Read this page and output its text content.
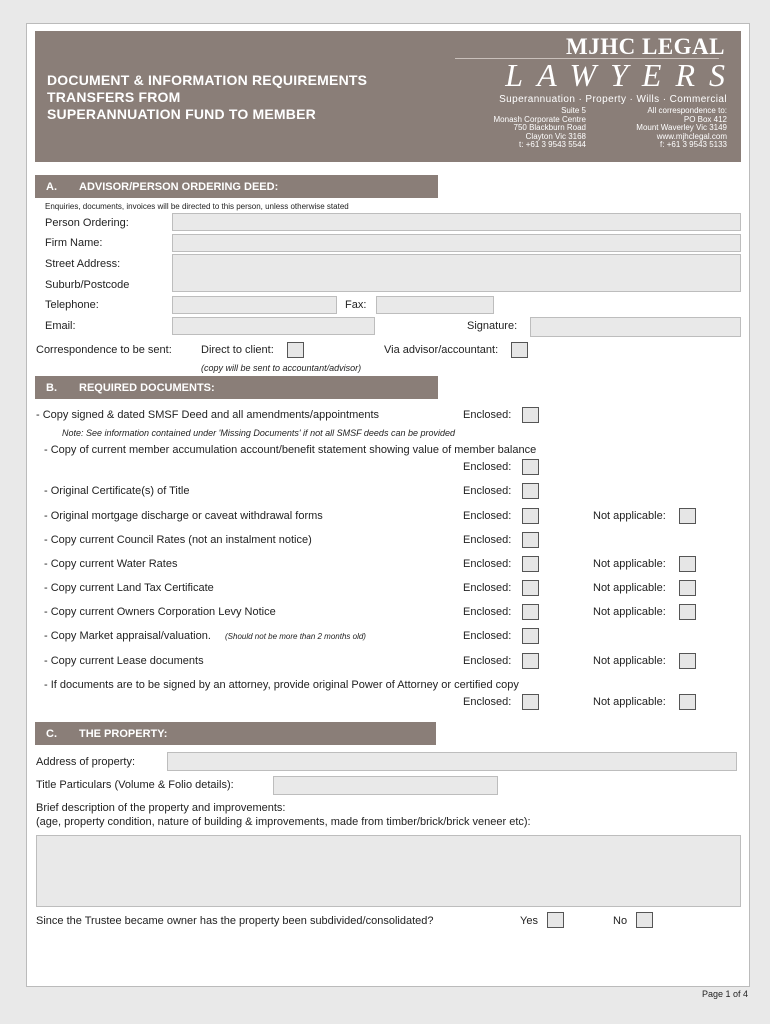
DOCUMENT & INFORMATION REQUIREMENTS
TRANSFERS FROM
SUPERANNUATION FUND TO MEMBER
MJHC LEGAL
LAWYERS
Superannuation · Property · Wills · Commercial
Suite 5
Monash Corporate Centre
750 Blackburn Road
Clayton Vic 3168
t: +61 3 9543 5544
All correspondence to:
PO Box 412
Mount Waverley Vic 3149
www.mjhclegal.com
f: +61 3 9543 5133
A. ADVISOR/PERSON ORDERING DEED:
Enquiries, documents, invoices will be directed to this person, unless otherwise stated
Person Ordering:
Firm Name:
Street Address:
Suburb/Postcode
Telephone:	Fax:
Email:	Signature:
Correspondence to be sent:	Direct to client:	Via advisor/accountant:
(copy will be sent to accountant/advisor)
B. REQUIRED DOCUMENTS:
- Copy signed & dated SMSF Deed and all amendments/appointments	Enclosed:
Note: See information contained under 'Missing Documents' if not all SMSF deeds can be provided
- Copy of current member accumulation account/benefit statement showing value of member balance
Enclosed:
- Original Certificate(s) of Title	Enclosed:
- Original mortgage discharge or caveat withdrawal forms	Enclosed:	Not applicable:
- Copy current Council Rates (not an instalment notice)	Enclosed:
- Copy current Water Rates	Enclosed:	Not applicable:
- Copy current Land Tax Certificate	Enclosed:	Not applicable:
- Copy current Owners Corporation Levy Notice	Enclosed:	Not applicable:
- Copy Market appraisal/valuation. (Should not be more than 2 months old)	Enclosed:
- Copy current Lease documents	Enclosed:	Not applicable:
- If documents are to be signed by an attorney, provide original Power of Attorney or certified copy
Enclosed:	Not applicable:
C. THE PROPERTY:
Address of property:
Title Particulars (Volume & Folio details):
Brief description of the property and improvements:
(age, property condition, nature of building & improvements, made from timber/brick/brick veneer etc):
Since the Trustee became owner has the property been subdivided/consolidated?	Yes	No
Page 1 of 4
